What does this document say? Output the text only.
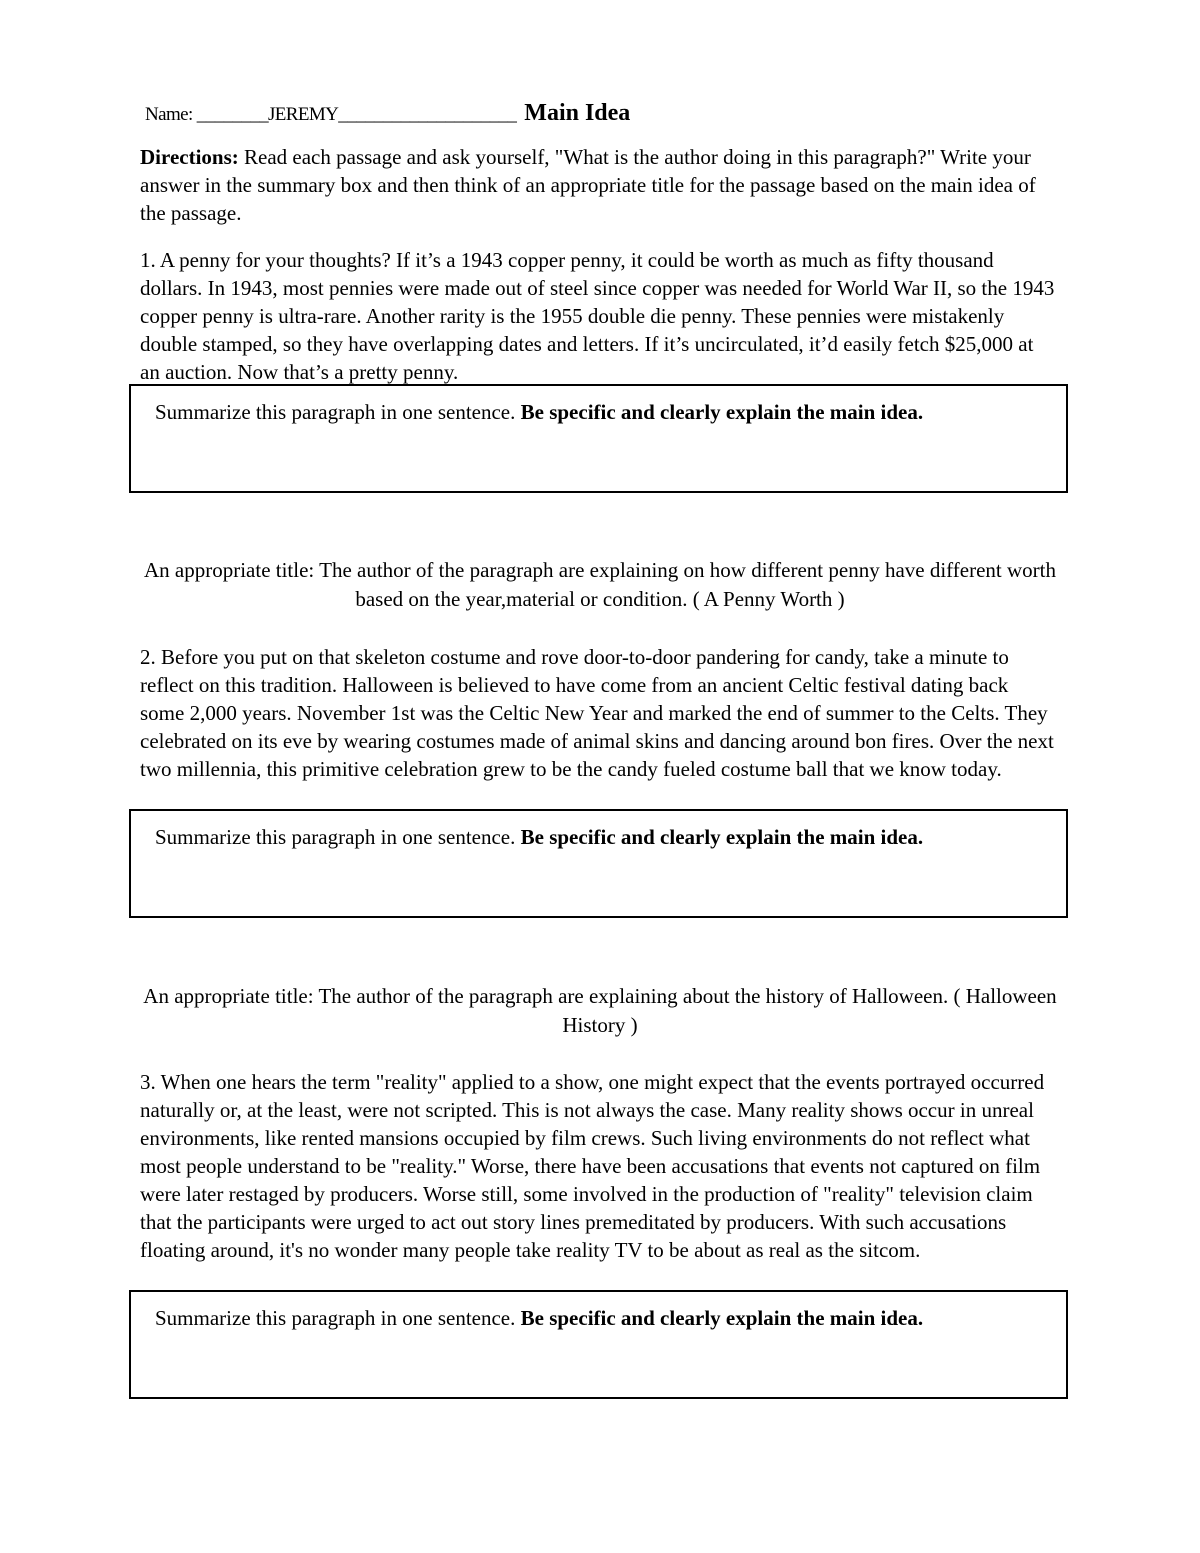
Name: ________JEREMY____________________ Main Idea
Directions: Read each passage and ask yourself, "What is the author doing in this paragraph?" Write your answer in the summary box and then think of an appropriate title for the passage based on the main idea of the passage.
1. A penny for your thoughts? If it’s a 1943 copper penny, it could be worth as much as fifty thousand dollars. In 1943, most pennies were made out of steel since copper was needed for World War II, so the 1943 copper penny is ultra-rare. Another rarity is the 1955 double die penny. These pennies were mistakenly double stamped, so they have overlapping dates and letters. If it’s uncirculated, it’d easily fetch $25,000 at an auction. Now that’s a pretty penny.
Summarize this paragraph in one sentence. Be specific and clearly explain the main idea.
An appropriate title: The author of the paragraph are explaining on how different penny have different worth based on the year,material or condition. ( A Penny Worth )
2. Before you put on that skeleton costume and rove door-to-door pandering for candy, take a minute to reflect on this tradition. Halloween is believed to have come from an ancient Celtic festival dating back some 2,000 years. November 1st was the Celtic New Year and marked the end of summer to the Celts. They celebrated on its eve by wearing costumes made of animal skins and dancing around bon fires. Over the next two millennia, this primitive celebration grew to be the candy fueled costume ball that we know today.
Summarize this paragraph in one sentence. Be specific and clearly explain the main idea.
An appropriate title: The author of the paragraph are explaining about the history of Halloween. ( Halloween History )
3. When one hears the term "reality" applied to a show, one might expect that the events portrayed occurred naturally or, at the least, were not scripted. This is not always the case. Many reality shows occur in unreal environments, like rented mansions occupied by film crews. Such living environments do not reflect what most people understand to be "reality." Worse, there have been accusations that events not captured on film were later restaged by producers. Worse still, some involved in the production of "reality" television claim that the participants were urged to act out story lines premeditated by producers. With such accusations floating around, it's no wonder many people take reality TV to be about as real as the sitcom.
Summarize this paragraph in one sentence. Be specific and clearly explain the main idea.
